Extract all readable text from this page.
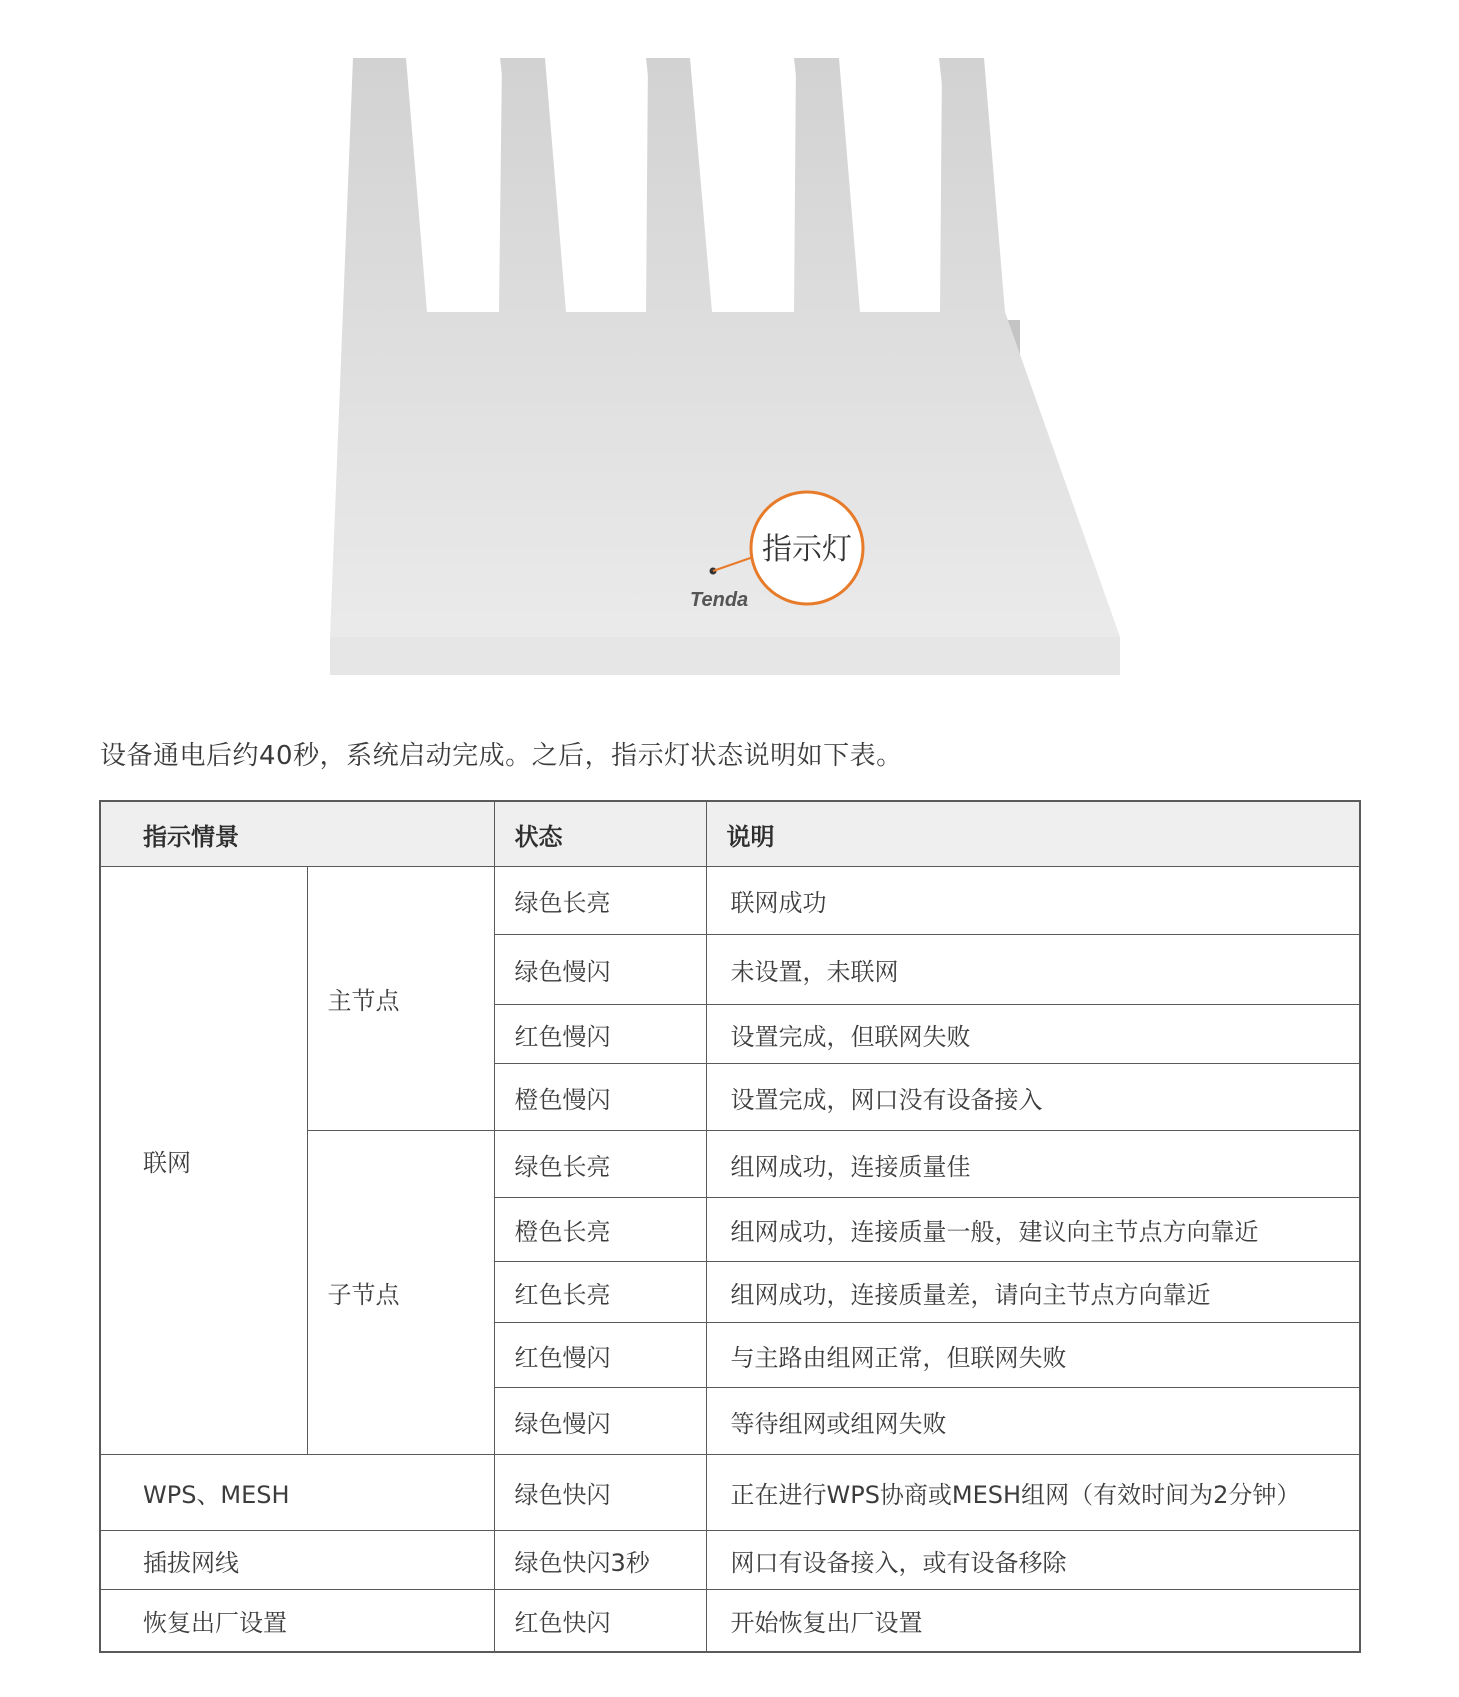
指示灯
Tenda

设备通电后约40秒，系统启动完成。之后，指示灯状态说明如下表。

指示情景		状态	说明
联网	主节点	绿色长亮	联网成功
		绿色慢闪	未设置，未联网
		红色慢闪	设置完成，但联网失败
		橙色慢闪	设置完成，网口没有设备接入
	子节点	绿色长亮	组网成功，连接质量佳
		橙色长亮	组网成功，连接质量一般，建议向主节点方向靠近
		红色长亮	组网成功，连接质量差，请向主节点方向靠近
		红色慢闪	与主路由组网正常，但联网失败
		绿色慢闪	等待组网或组网失败
WPS、MESH		绿色快闪	正在进行WPS协商或MESH组网（有效时间为2分钟）
插拔网线		绿色快闪3秒	网口有设备接入，或有设备移除
恢复出厂设置		红色快闪	开始恢复出厂设置
